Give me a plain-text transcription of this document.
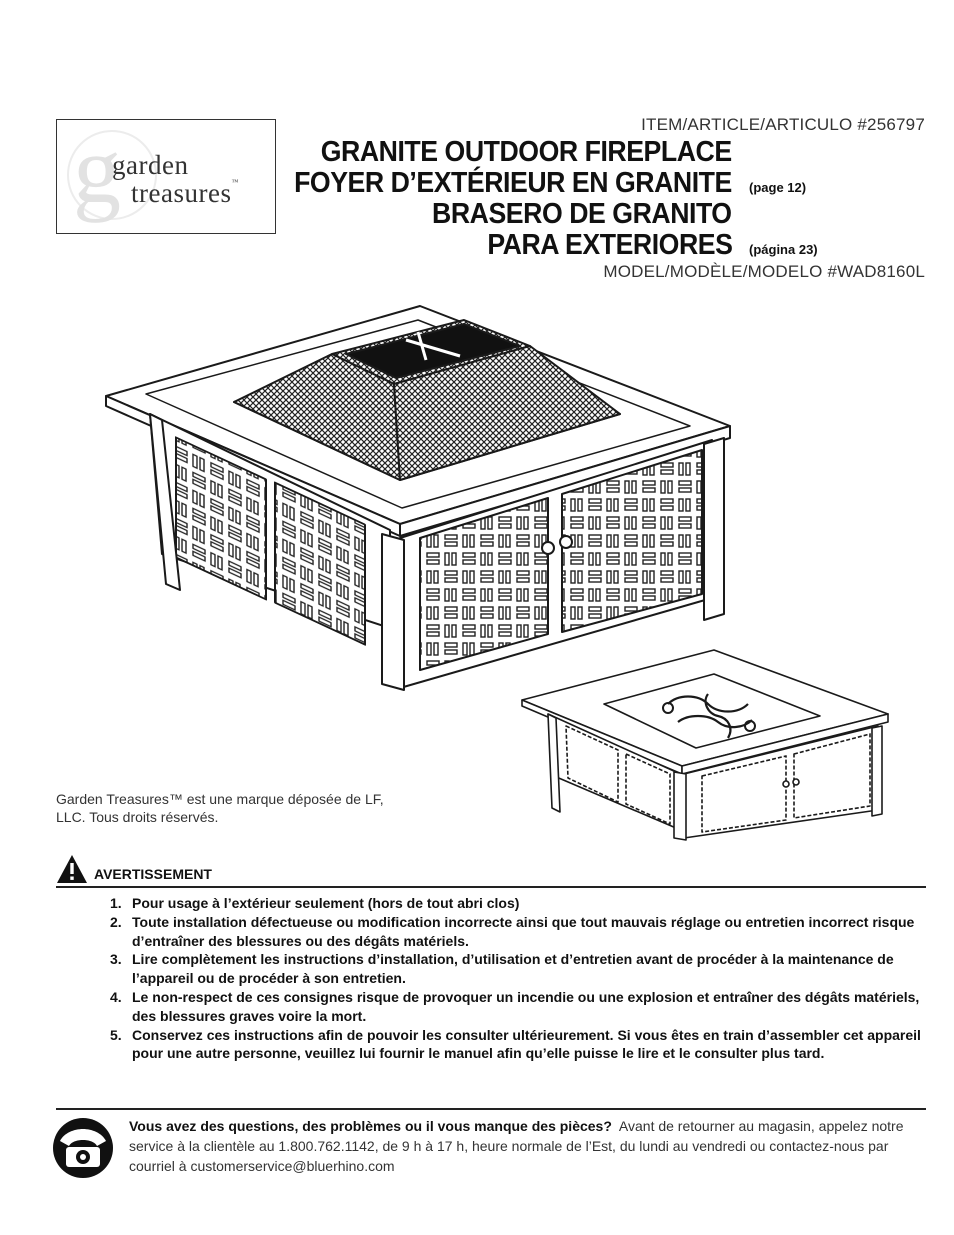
g
garden
treasures™
ITEM/ARTICLE/ARTICULO #256797
GRANITE OUTDOOR FIREPLACE
FOYER D’EXTÉRIEUR EN GRANITE (page 12)
BRASERO DE GRANITO
PARA EXTERIORES (página 23)
MODEL/MODÈLE/MODELO #WAD8160L
Garden Treasures™ est une marque déposée de LF, LLC. Tous droits réservés.
AVERTISSEMENT
1. Pour usage à l’extérieur seulement (hors de tout abri clos)
2. Toute installation défectueuse ou modification incorrecte ainsi que tout mauvais réglage ou entretien incorrect risque d’entraîner des blessures ou des dégâts matériels.
3. Lire complètement les instructions d’installation, d’utilisation et d’entretien avant de procéder à la maintenance de l’appareil ou de procéder à son entretien.
4. Le non-respect de ces consignes risque de provoquer un incendie ou une explosion et entraîner des dégâts matériels, des blessures graves voire la mort.
5. Conservez ces instructions afin de pouvoir les consulter ultérieurement. Si vous êtes en train d’assembler cet appareil pour une autre personne, veuillez lui fournir le manuel afin qu’elle puisse le lire et le consulter plus tard.
Vous avez des questions, des problèmes ou il vous manque des pièces? Avant de retourner au magasin, appelez notre service à la clientèle au 1.800.762.1142, de 9 h à 17 h, heure normale de l’Est, du lundi au vendredi ou contactez-nous par courriel à customerservice@bluerhino.com
